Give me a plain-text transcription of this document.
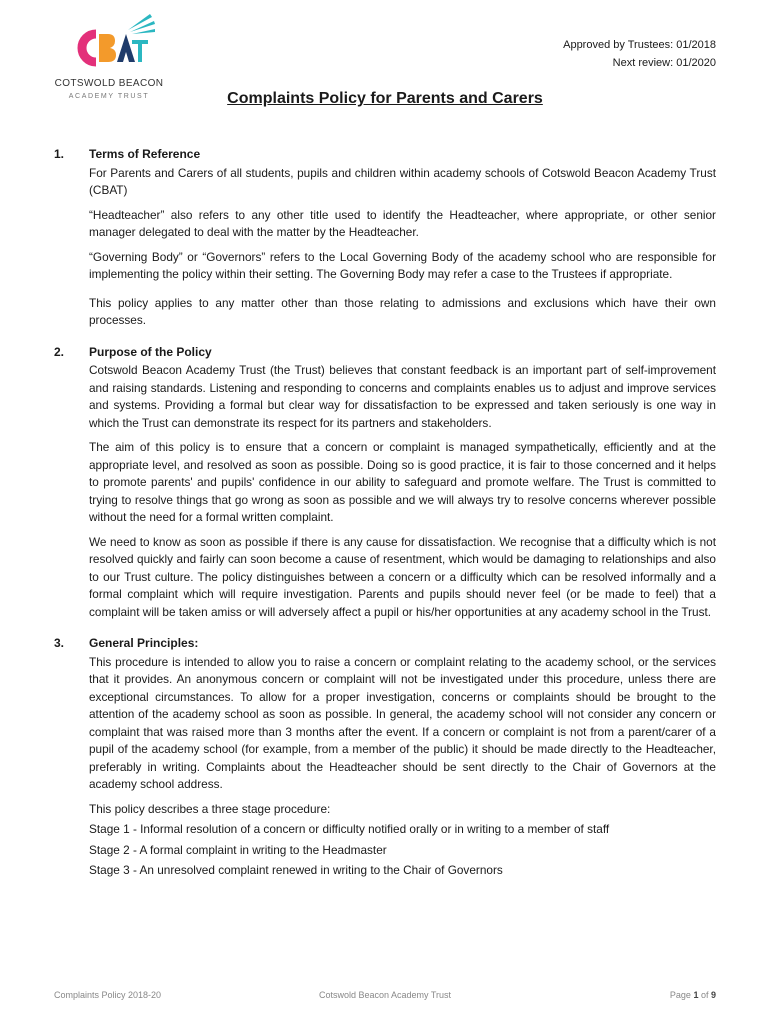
COTSWOLD BEACON
ACADEMY TRUST
Approved by Trustees: 01/2018
Next review: 01/2020
Complaints Policy for Parents and Carers
1. Terms of Reference

For Parents and Carers of all students, pupils and children within academy schools of Cotswold Beacon Academy Trust (CBAT)

“Headteacher” also refers to any other title used to identify the Headteacher, where appropriate, or other senior manager delegated to deal with the matter by the Headteacher.

“Governing Body” or “Governors” refers to the Local Governing Body of the academy school who are responsible for implementing the policy within their setting. The Governing Body may refer a case to the Trustees if appropriate.

This policy applies to any matter other than those relating to admissions and exclusions which have their own processes.

2. Purpose of the Policy

Cotswold Beacon Academy Trust (the Trust) believes that constant feedback is an important part of self-improvement and raising standards. Listening and responding to concerns and complaints enables us to adjust and improve services and systems. Providing a formal but clear way for dissatisfaction to be expressed and taken seriously is one way in which the Trust can demonstrate its respect for its partners and stakeholders.

The aim of this policy is to ensure that a concern or complaint is managed sympathetically, efficiently and at the appropriate level, and resolved as soon as possible. Doing so is good practice, it is fair to those concerned and it helps to promote parents' and pupils' confidence in our ability to safeguard and promote welfare. The Trust is committed to trying to resolve things that go wrong as soon as possible and we will always try to resolve concerns wherever possible without the need for a formal written complaint.

We need to know as soon as possible if there is any cause for dissatisfaction. We recognise that a difficulty which is not resolved quickly and fairly can soon become a cause of resentment, which would be damaging to relationships and also to our Trust culture. The policy distinguishes between a concern or a difficulty which can be resolved informally and a formal complaint which will require investigation. Parents and pupils should never feel (or be made to feel) that a complaint will be taken amiss or will adversely affect a pupil or his/her opportunities at any academy school in the Trust.

3. General Principles:

This procedure is intended to allow you to raise a concern or complaint relating to the academy school, or the services that it provides. An anonymous concern or complaint will not be investigated under this procedure, unless there are exceptional circumstances. To allow for a proper investigation, concerns or complaints should be brought to the attention of the academy school as soon as possible. In general, the academy school will not consider any concern or complaint that was raised more than 3 months after the event. If a concern or complaint is not from a parent/carer of a pupil of the academy school (for example, from a member of the public) it should be made directly to the Headteacher, preferably in writing. Complaints about the Headteacher should be sent directly to the Chair of Governors at the academy school address.

This policy describes a three stage procedure:

Stage 1 - Informal resolution of a concern or difficulty notified orally or in writing to a member of staff

Stage 2 - A formal complaint in writing to the Headmaster

Stage 3 - An unresolved complaint renewed in writing to the Chair of Governors

Complaints Policy 2018-20	Cotswold Beacon Academy Trust	Page 1 of 9
